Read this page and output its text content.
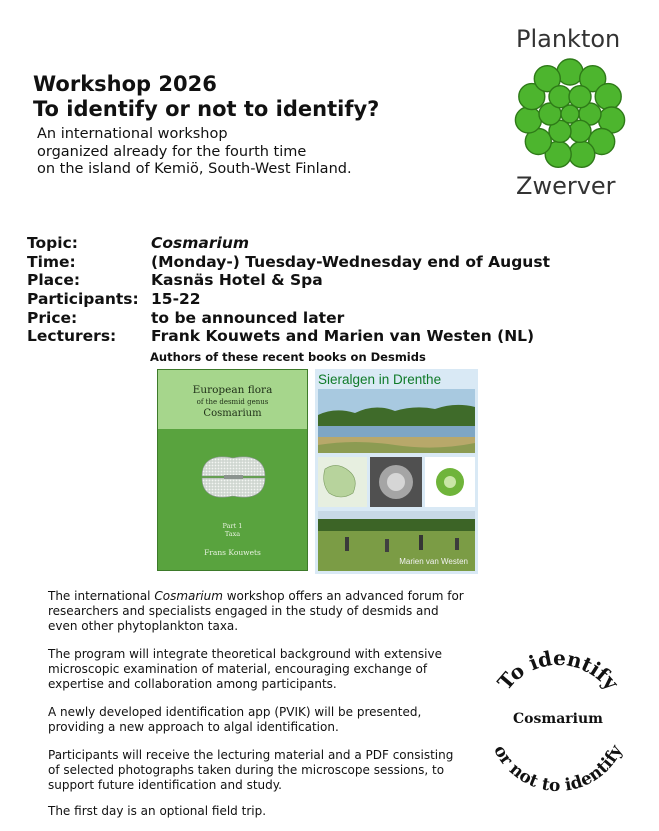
Workshop 2026
To identify or not to identify?
An international workshop
organized already for the fourth time
on the island of Kemiö, South-West Finland.
Plankton
Zwerver
Topic:	Cosmarium
Time:	(Monday-) Tuesday-Wednesday end of August
Place:	Kasnäs Hotel & Spa
Participants: 15-22
Price:	to be announced later
Lecturers: Frank Kouwets and Marien van Westen (NL)
Authors of these recent books on Desmids
European flora
of the desmid genus
Cosmarium
Part 1
Taxa
Frans Kouwets
Sieralgen in Drenthe
Marien van Westen
The international Cosmarium workshop offers an advanced forum for researchers and specialists engaged in the study of desmids and even other phytoplankton taxa.
The program will integrate theoretical background with extensive microscopic examination of material, encouraging exchange of expertise and collaboration among participants.
A newly developed identification app (PVIK) will be presented, providing a new approach to algal identification.
Participants will receive the lecturing material and a PDF consisting of selected photographs taken during the microscope sessions, to support future identification and study.
The first day is an optional field trip.
To identify
Cosmarium
or not to identify
